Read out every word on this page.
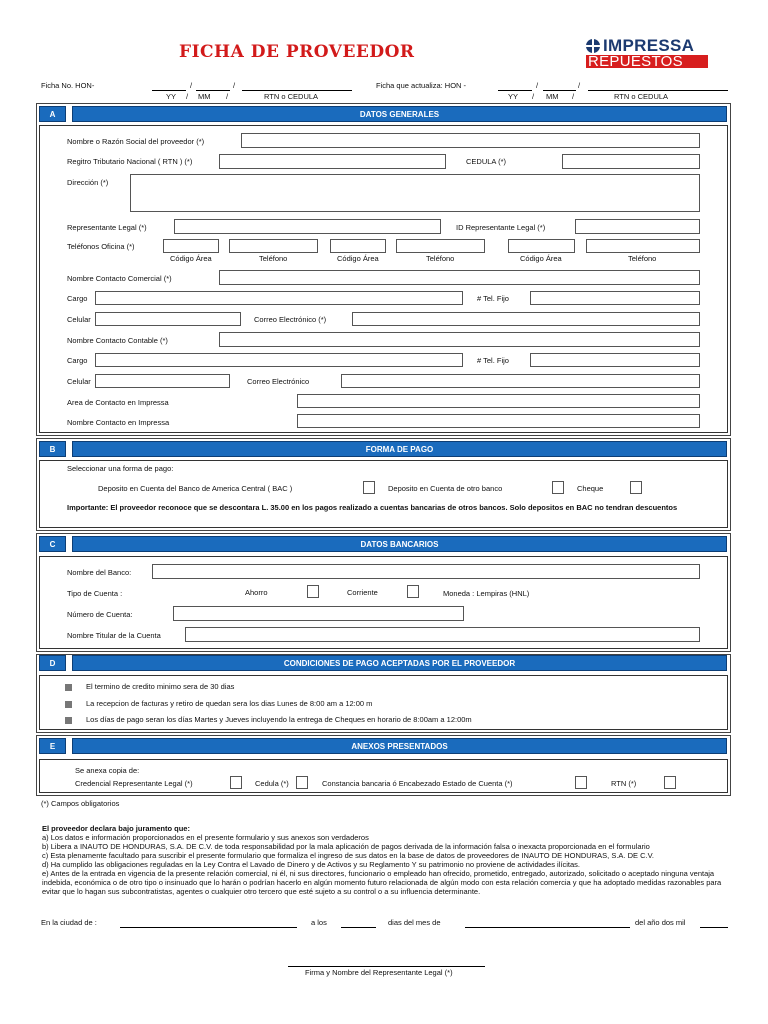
FICHA DE PROVEEDOR	IMPRESSA
REPUESTOS
Ficha No. HON-	/	/
YY / MM /	RTN o CEDULA
Ficha que actualiza: HON -	/	/
YY / MM /	RTN o CEDULA
A	DATOS GENERALES
Nombre o Razón Social del proveedor (*)
Regitro Tributario Nacional ( RTN ) (*)	CEDULA (*)
Dirección (*)
Representante Legal (*)	ID Representante Legal (*)
Teléfonos Oficina (*)
Código Área	Teléfono	Código Área	Teléfono	Código Área	Teléfono
Nombre Contacto Comercial (*)
Cargo	# Tel. Fijo
Celular	Correo Electrónico (*)
Nombre Contacto Contable (*)
Cargo	# Tel. Fijo
Celular	Correo Electrónico
Area de Contacto en Impressa
Nombre Contacto en Impressa
B	FORMA DE PAGO
Seleccionar una forma de pago:
Deposito en Cuenta del Banco de America Central ( BAC )	Deposito en Cuenta de otro banco	Cheque
Importante: El proveedor reconoce que se descontara L. 35.00 en los pagos realizado a cuentas bancarias de otros bancos. Solo depositos en BAC no tendran descuentos
C	DATOS BANCARIOS
Nombre del Banco:
Tipo de Cuenta :	Ahorro	Corriente	Moneda : Lempiras (HNL)
Número de Cuenta:
Nombre Titular de la Cuenta
D	CONDICIONES DE PAGO ACEPTADAS POR EL PROVEEDOR
El termino de credito minimo sera de 30 dias
La recepcion de facturas y retiro de quedan sera los dias Lunes de 8:00 am a 12:00 m
Los días de pago seran los días Martes y Jueves incluyendo la entrega de Cheques en horario de 8:00am a 12:00m
E	ANEXOS PRESENTADOS
Se anexa copia de:
Credencial Representante Legal (*)	Cedula (*)	Constancia bancaria ó Encabezado Estado de Cuenta (*)	RTN (*)
(*) Campos obligatorios
El proveedor declara bajo juramento que:
a) Los datos e información proporcionados en el presente formulario y sus anexos son verdaderos
b) Libera a INAUTO DE HONDURAS, S.A. DE C.V. de toda responsabilidad por la mala aplicación de pagos derivada de la información falsa o inexacta proporcionada en el formulario
c) Esta plenamente facultado para suscribir el presente formulario que formaliza el ingreso de sus datos en la base de datos de proveedores de INAUTO DE HONDURAS, S.A. DE C.V.
d) Ha cumplido las obligaciones reguladas en la Ley Contra el Lavado de Dinero y de Activos y su Reglamento Y su patrimonio no proviene de actividades ilícitas.
e) Antes de la entrada en vigencia de la presente relación comercial, ni él, ni sus directores, funcionario o empleado han ofrecido, prometido, entregado, autorizado, solicitado o aceptado ninguna ventaja indebida, económica o de otro tipo o insinuado que lo harán o podrían hacerlo en algún momento futuro relacionada de algún modo con esta relación comercia y que ha adoptado medidas razonables para evitar que lo hagan sus subcontratistas, agentes o cualquier otro tercero que esté sujeto a su control o a su influencia determinante.
En la ciudad de :	a los	dias del mes de	del año dos mil
Firma y Nombre del Representante Legal (*)
